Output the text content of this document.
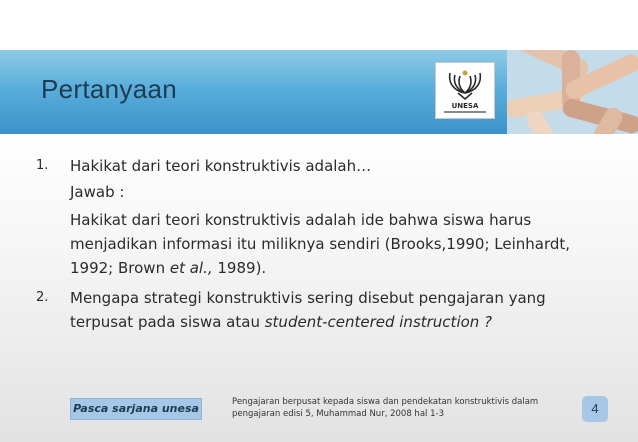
Pertanyaan
UNESA
1.	Hakikat dari teori konstruktivis adalah…
Jawab :
Hakikat dari teori konstruktivis adalah ide bahwa siswa harus menjadikan informasi itu miliknya sendiri (Brooks,1990; Leinhardt, 1992; Brown et al., 1989).
2.	Mengapa strategi konstruktivis sering disebut pengajaran yang terpusat pada siswa atau student-centered instruction ?
Pasca sarjana unesa	Pengajaran berpusat kepada siswa dan pendekatan konstruktivis dalam pengajaran edisi 5, Muhammad Nur, 2008 hal 1-3	4
